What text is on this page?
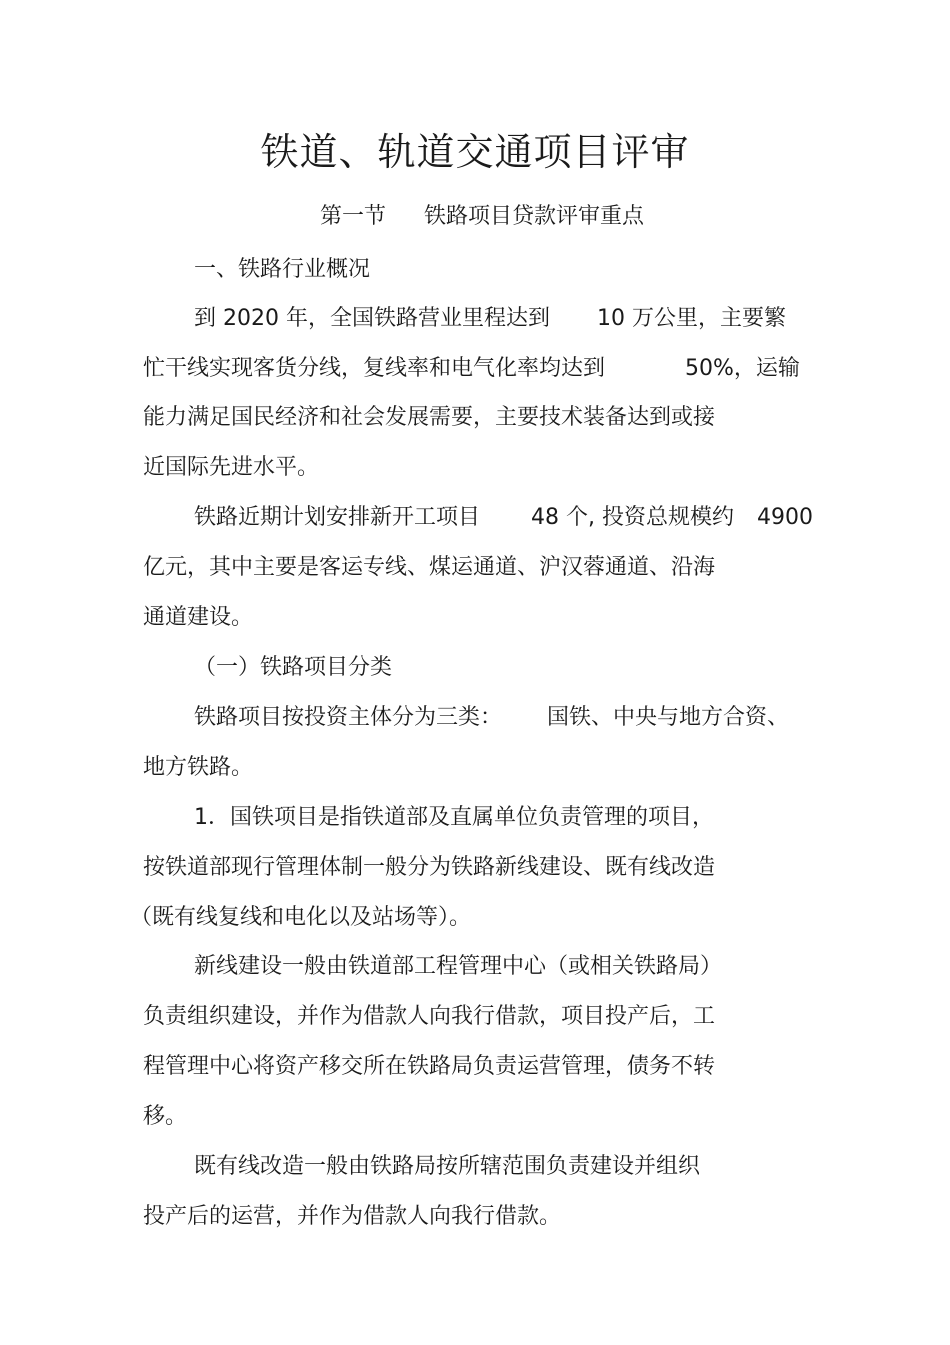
铁道、轨道交通项目评审
第一节 铁路项目贷款评审重点
一、铁路行业概况
到 2020 年，全国铁路营业里程达到 10 万公里，主要繁
忙干线实现客货分线，复线率和电气化率均达到	50%，运输
能力满足国民经济和社会发展需要，主要技术装备达到或接
近国际先进水平。
铁路近期计划安排新开工项目 48 个, 投资总规模约 4900
亿元，其中主要是客运专线、煤运通道、沪汉蓉通道、沿海
通道建设。
（一）铁路项目分类
铁路项目按投资主体分为三类： 国铁、中央与地方合资、
地方铁路。
1．国铁项目是指铁道部及直属单位负责管理的项目，
按铁道部现行管理体制一般分为铁路新线建设、既有线改造
（既有线复线和电化以及站场等）。
新线建设一般由铁道部工程管理中心（或相关铁路局）
负责组织建设，并作为借款人向我行借款，项目投产后，工
程管理中心将资产移交所在铁路局负责运营管理，债务不转
移。
既有线改造一般由铁路局按所辖范围负责建设并组织
投产后的运营，并作为借款人向我行借款。
